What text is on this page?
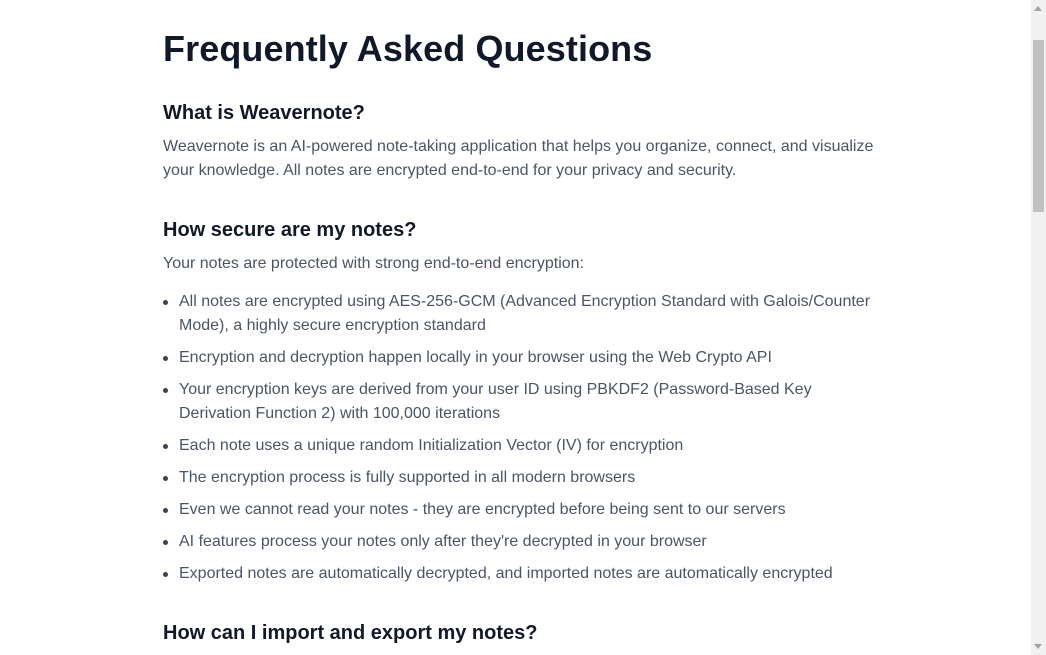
Frequently Asked Questions
What is Weavernote?

Weavernote is an AI-powered note-taking application that helps you organize, connect, and visualize your knowledge. All notes are encrypted end-to-end for your privacy and security.

How secure are my notes?

Your notes are protected with strong end-to-end encryption:

All notes are encrypted using AES-256-GCM (Advanced Encryption Standard with Galois/Counter Mode), a highly secure encryption standard
Encryption and decryption happen locally in your browser using the Web Crypto API
Your encryption keys are derived from your user ID using PBKDF2 (Password-Based Key Derivation Function 2) with 100,000 iterations
Each note uses a unique random Initialization Vector (IV) for encryption
The encryption process is fully supported in all modern browsers
Even we cannot read your notes - they are encrypted before being sent to our servers
AI features process your notes only after they're decrypted in your browser
Exported notes are automatically decrypted, and imported notes are automatically encrypted
How can I import and export my notes?
